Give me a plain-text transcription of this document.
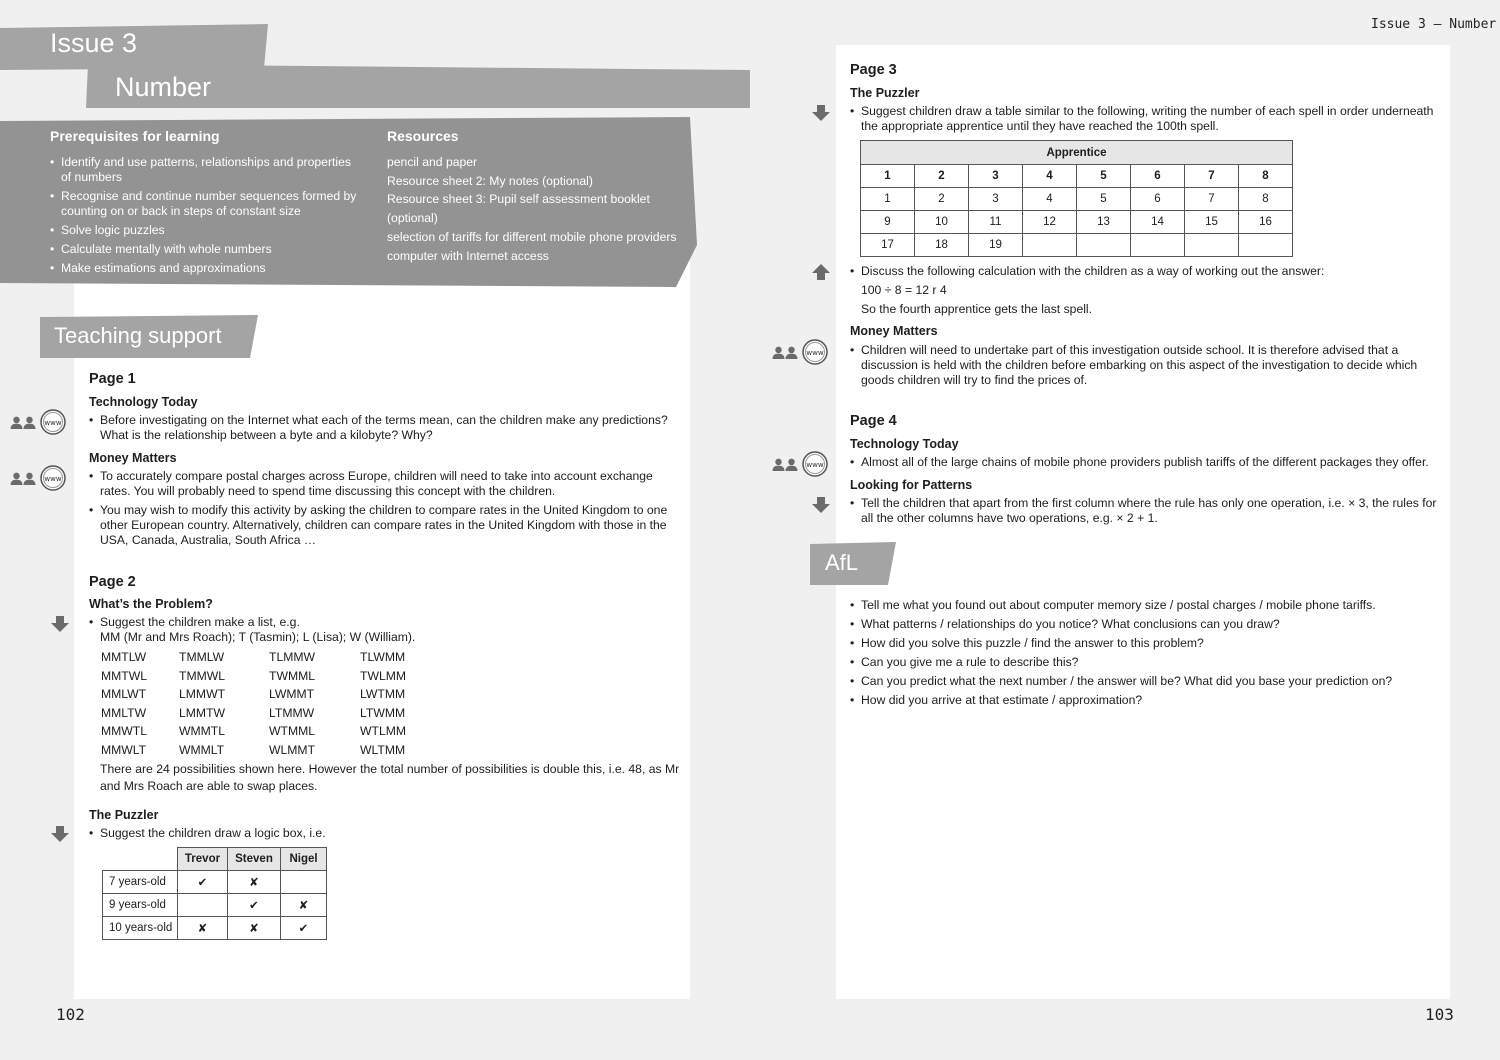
Issue 3
Number
Prerequisites for learning
• Identify and use patterns, relationships and properties of numbers
• Recognise and continue number sequences formed by counting on or back in steps of constant size
• Solve logic puzzles
• Calculate mentally with whole numbers
• Make estimations and approximations
Resources
pencil and paper
Resource sheet 2: My notes (optional)
Resource sheet 3: Pupil self assessment booklet (optional)
selection of tariffs for different mobile phone providers
computer with Internet access
Teaching support
Page 1
Technology Today
• Before investigating on the Internet what each of the terms mean, can the children make any predictions? What is the relationship between a byte and a kilobyte? Why?
Money Matters
• To accurately compare postal charges across Europe, children will need to take into account exchange rates. You will probably need to spend time discussing this concept with the children.
• You may wish to modify this activity by asking the children to compare rates in the United Kingdom to one other European country. Alternatively, children can compare rates in the United Kingdom with those in the USA, Canada, Australia, South Africa …
www
www
Page 2
What’s the Problem?
• Suggest the children make a list, e.g.
MM (Mr and Mrs Roach); T (Tasmin); L (Lisa); W (William).
MMTLW	TMMLW	TLMMW	TLWMM
MMTWL	TMMWL	TWMML	TWLMM
MMLWT	LMMWT	LWMMT	LWTMM
MMLTW	LMMTW	LTMMW	LTWMM
MMWTL	WMMTL	WTMML	WTLMM
MMWLT	WMMLT	WLMMT	WLTMM
There are 24 possibilities shown here. However the total number of possibilities is double this, i.e. 48, as Mr and Mrs Roach are able to swap places.
The Puzzler
• Suggest the children draw a logic box, i.e.
	Trevor	Steven	Nigel
7 years-old	✔	✘	
9 years-old		✔	✘
10 years-old	✘	✘	✔
102
Issue 3 — Number
Page 3
The Puzzler
• Suggest children draw a table similar to the following, writing the number of each spell in order underneath the appropriate apprentice until they have reached the 100th spell.
Apprentice							
1	2	3	4	5	6	7	8
1	2	3	4	5	6	7	8
9	10	11	12	13	14	15	16
17	18	19					
• Discuss the following calculation with the children as a way of working out the answer:
100 ÷ 8 = 12 r 4
So the fourth apprentice gets the last spell.
Money Matters
www	• Children will need to undertake part of this investigation outside school. It is therefore advised that a discussion is held with the children before embarking on this aspect of the investigation to decide which goods children will try to find the prices of.
Page 4
Technology Today
www	• Almost all of the large chains of mobile phone providers publish tariffs of the different packages they offer.
Looking for Patterns
• Tell the children that apart from the first column where the rule has only one operation, i.e. × 3, the rules for all the other columns have two operations, e.g. × 2 + 1.
AfL
• Tell me what you found out about computer memory size / postal charges / mobile phone tariffs.
• What patterns / relationships do you notice? What conclusions can you draw?
• How did you solve this puzzle / find the answer to this problem?
• Can you give me a rule to describe this?
• Can you predict what the next number / the answer will be? What did you base your prediction on?
• How did you arrive at that estimate / approximation?
103
